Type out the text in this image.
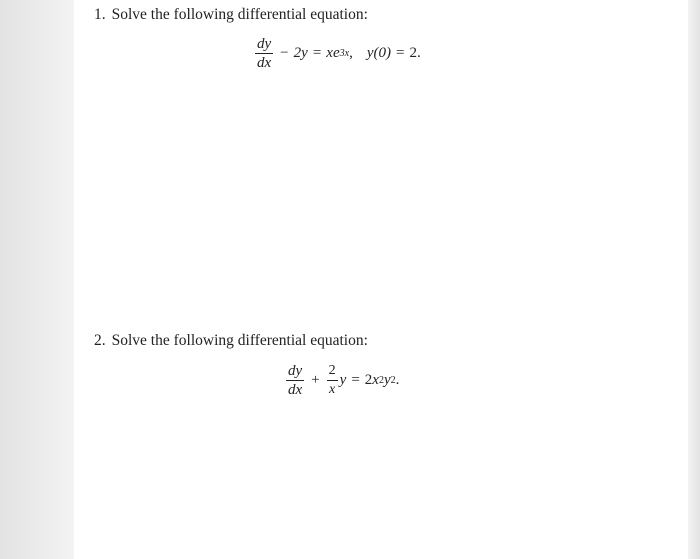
1. Solve the following differential equation:
$\frac{dy}{dx} - 2y = x$ e 3x , y(0) = 2.
2. Solve the following differential equation:
$\frac{dy}{dx} + \frac{2}{x}$ y = 2 x 2 y 2 .
